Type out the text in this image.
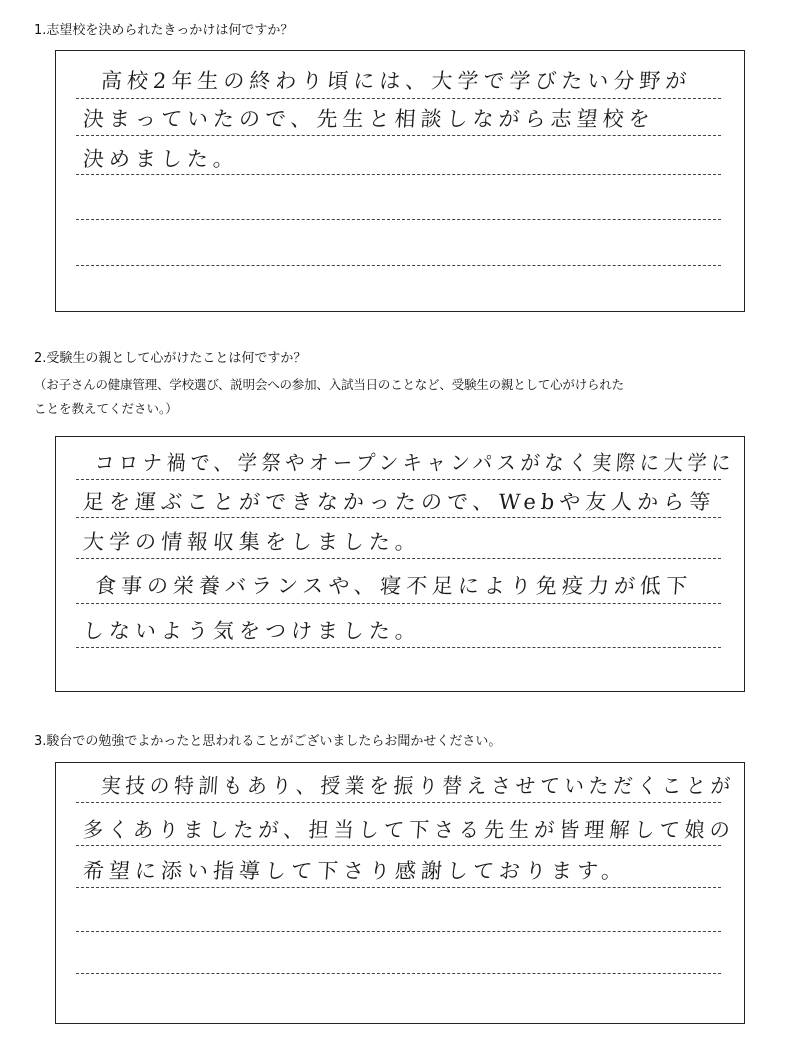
1.志望校を決められたきっかけは何ですか？
高校2年生の終わり頃には、大学で学びたい分野が
決まっていたので、先生と相談しながら志望校を
決めました。
2.受験生の親として心がけたことは何ですか？
（お子さんの健康管理、学校選び、説明会への参加、入試当日のことなど、受験生の親として心がけられた
ことを教えてください。）
コロナ禍で、学祭やオープンキャンパスがなく実際に大学に
足を運ぶことができなかったので、Webや友人から等
大学の情報収集をしました。
食事の栄養バランスや、寝不足により免疫力が低下
しないよう気をつけました。
3.駿台での勉強でよかったと思われることがございましたらお聞かせください。
実技の特訓もあり、授業を振り替えさせていただくことが
多くありましたが、担当して下さる先生が皆理解して娘の
希望に添い指導して下さり感謝しております。
